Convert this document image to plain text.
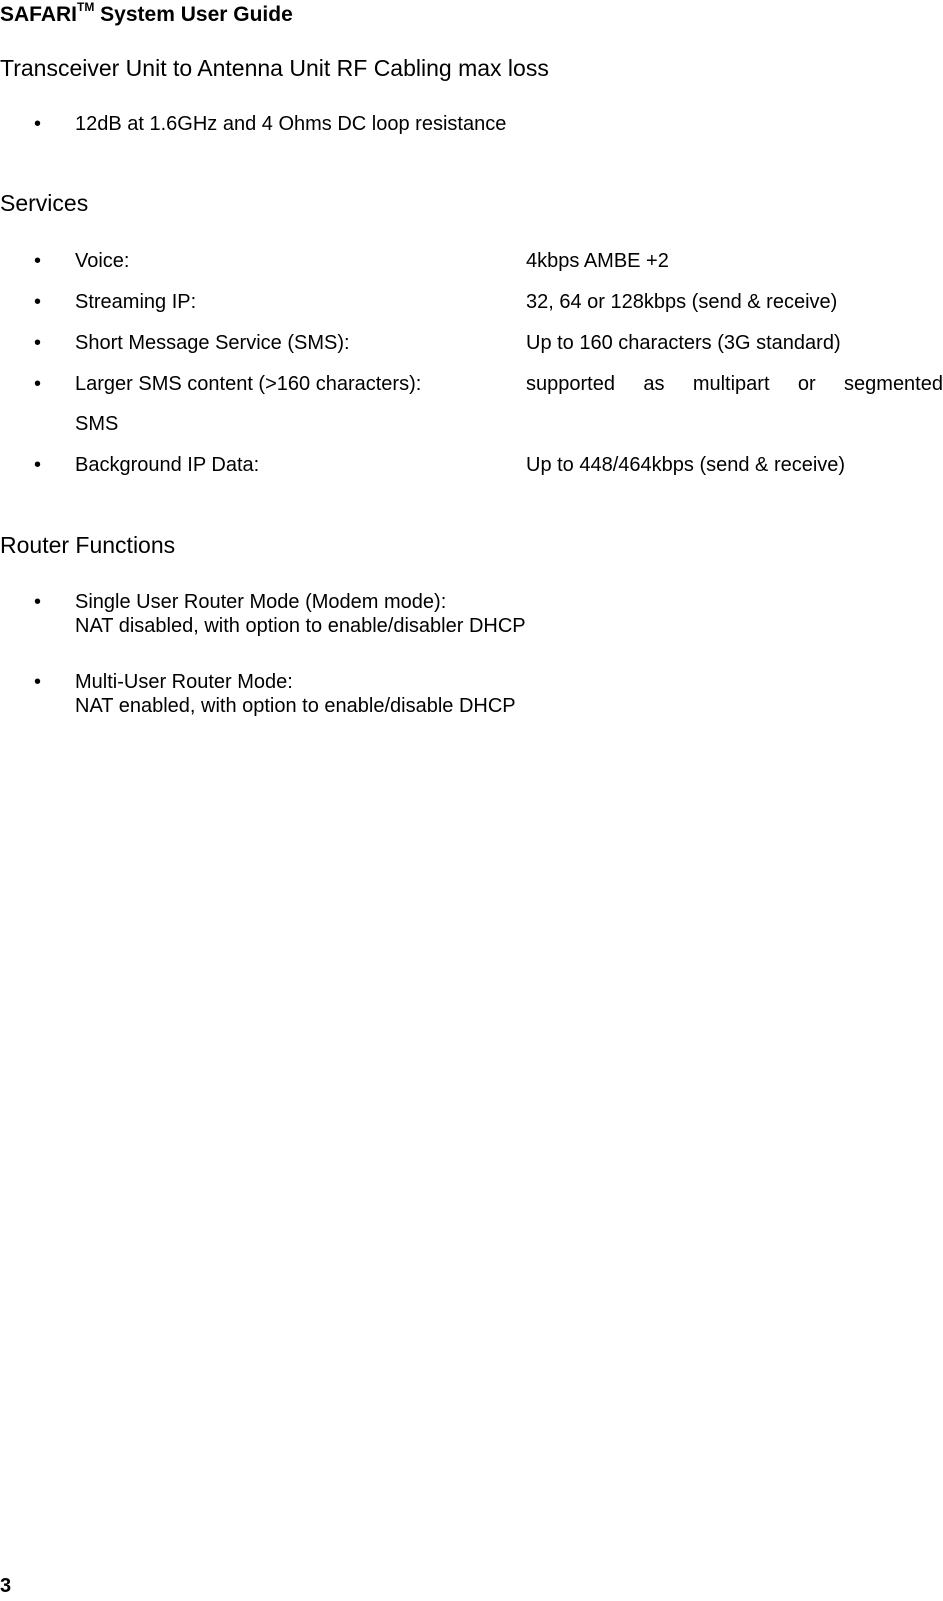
SAFARI™ System User Guide
Transceiver Unit to Antenna Unit RF Cabling max loss
• 12dB at 1.6GHz and 4 Ohms DC loop resistance
Services
• Voice:	4kbps AMBE +2
• Streaming IP:	32, 64 or 128kbps (send & receive)
• Short Message Service (SMS):	Up to 160 characters (3G standard)
• Larger SMS content (>160 characters):	supported as multipart or segmented
SMS
• Background IP Data:	Up to 448/464kbps (send & receive)
Router Functions
• Single User Router Mode (Modem mode):
NAT disabled, with option to enable/disabler DHCP
• Multi-User Router Mode:
NAT enabled, with option to enable/disable DHCP
3
